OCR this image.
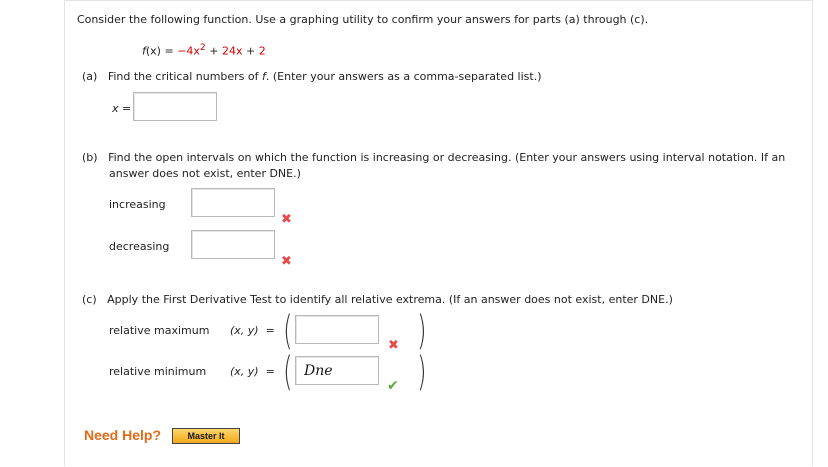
Consider the following function. Use a graphing utility to confirm your answers for parts (a) through (c).
$f(x) = -4x^2 + 24x + 2$
(a) Find the critical numbers of f. (Enter your answers as a comma-separated list.)
x =
(b) Find the open intervals on which the function is increasing or decreasing. (Enter your answers using interval notation. If an
answer does not exist, enter DNE.)
increasing
✖
decreasing
✖
(c) Apply the First Derivative Test to identify all relative extrema. (If an answer does not exist, enter DNE.)
relative maximum (x, y) = (	✖ )
relative minimum (x, y) = (
Dne	✔ )
Need Help?	Master It
